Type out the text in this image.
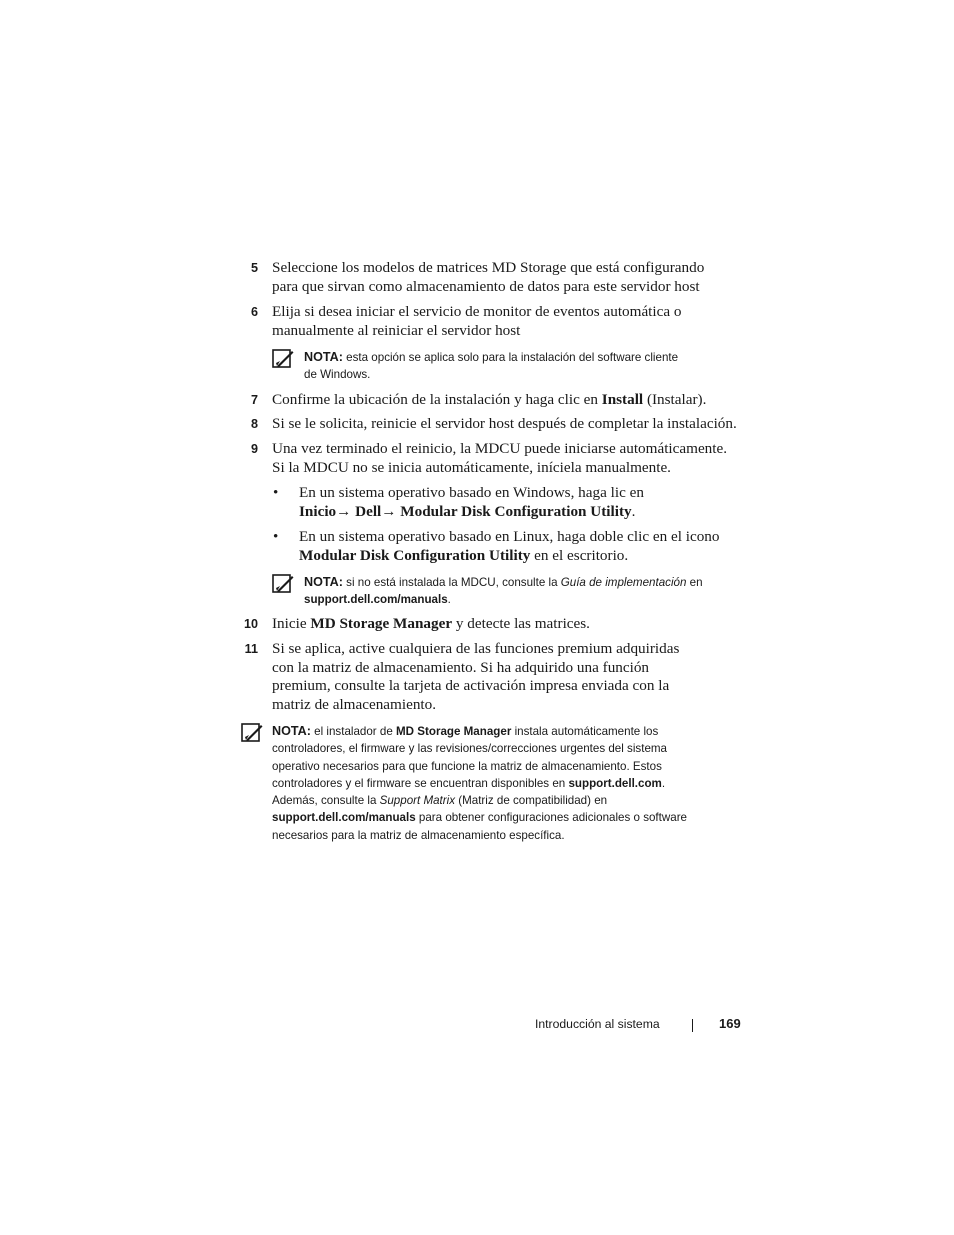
5 Seleccione los modelos de matrices MD Storage que está configurando
para que sirvan como almacenamiento de datos para este servidor host
6 Elija si desea iniciar el servicio de monitor de eventos automática o
manualmente al reiniciar el servidor host
NOTA: esta opción se aplica solo para la instalación del software cliente
de Windows.
7 Confirme la ubicación de la instalación y haga clic en Install (Instalar).
8 Si se le solicita, reinicie el servidor host después de completar la instalación.
9 Una vez terminado el reinicio, la MDCU puede iniciarse automáticamente.
Si la MDCU no se inicia automáticamente, iníciela manualmente.
• En un sistema operativo basado en Windows, haga lic en
Inicio→ Dell→ Modular Disk Configuration Utility.
• En un sistema operativo basado en Linux, haga doble clic en el icono
Modular Disk Configuration Utility en el escritorio.
NOTA: si no está instalada la MDCU, consulte la Guía de implementación en
support.dell.com/manuals.
10 Inicie MD Storage Manager y detecte las matrices.
11 Si se aplica, active cualquiera de las funciones premium adquiridas
con la matriz de almacenamiento. Si ha adquirido una función
premium, consulte la tarjeta de activación impresa enviada con la
matriz de almacenamiento.
NOTA: el instalador de MD Storage Manager instala automáticamente los
controladores, el firmware y las revisiones/correcciones urgentes del sistema
operativo necesarios para que funcione la matriz de almacenamiento. Estos
controladores y el firmware se encuentran disponibles en support.dell.com.
Además, consulte la Support Matrix (Matriz de compatibilidad) en
support.dell.com/manuals para obtener configuraciones adicionales o software
necesarios para la matriz de almacenamiento específica.
Introducción al sistema	169
